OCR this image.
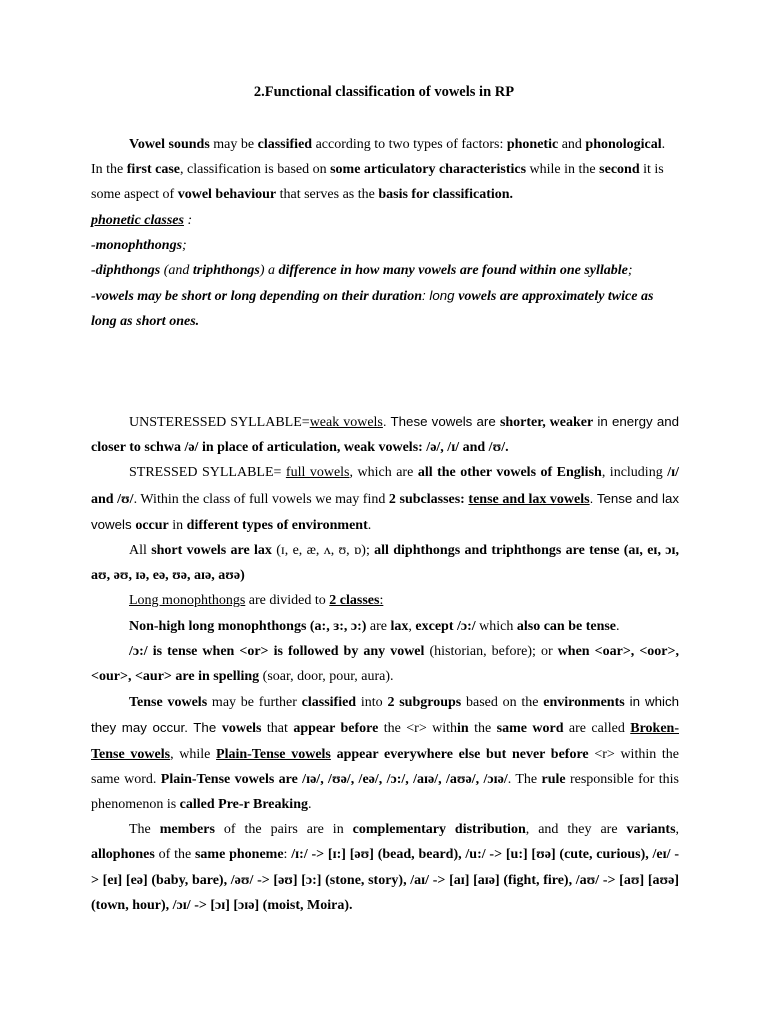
2.Functional classification of vowels in RP

Vowel sounds may be classified according to two types of factors: phonetic and phonological. In the first case, classification is based on some articulatory characteristics while in the second it is some aspect of vowel behaviour that serves as the basis for classification.

phonetic classes :

-monophthongs;

-diphthongs (and triphthongs) a difference in how many vowels are found within one syllable;

-vowels may be short or long depending on their duration: long vowels are approximately twice as long as short ones.

UNSTERESSED SYLLABLE=weak vowels. These vowels are shorter, weaker in energy and closer to schwa /ə/ in place of articulation, weak vowels: /ə/, /ɪ/ and /ʊ/.

STRESSED SYLLABLE= full vowels, which are all the other vowels of English, including /ɪ/ and /ʊ/. Within the class of full vowels we may find 2 subclasses: tense and lax vowels. Tense and lax vowels occur in different types of environment.

All short vowels are lax (ɪ, e, æ, ʌ, ʊ, ɒ); all diphthongs and triphthongs are tense (aɪ, eɪ, ɔɪ, aʊ, əʊ, ɪə, eə, ʊə, aɪə, aʊə)

Long monophthongs are divided to 2 classes:

Non-high long monophthongs (a:, ɜ:, ɔ:) are lax, except /ɔ:/ which also can be tense.

/ɔ:/ is tense when <or> is followed by any vowel (historian, before); or when <oar>, <oor>, <our>, <aur> are in spelling (soar, door, pour, aura).

Tense vowels may be further classified into 2 subgroups based on the environments in which they may occur. The vowels that appear before the <r> within the same word are called Broken-Tense vowels, while Plain-Tense vowels appear everywhere else but never before <r> within the same word. Plain-Tense vowels are /ɪə/, /ʊə/, /eə/, /ɔ:/, /aɪə/, /aʊə/, /ɔɪə/. The rule responsible for this phenomenon is called Pre-r Breaking.

The members of the pairs are in complementary distribution, and they are variants, allophones of the same phoneme: /ɪ:/ -> [ɪ:] [əʊ] (bead, beard), /u:/ -> [u:] [ʊə] (cute, curious), /eɪ/ -> [eɪ] [eə] (baby, bare), /əʊ/ -> [əʊ] [ɔ:] (stone, story), /aɪ/ -> [aɪ] [aɪə] (fight, fire), /aʊ/ -> [aʊ] [aʊə] (town, hour), /ɔɪ/ -> [ɔɪ] [ɔɪə] (moist, Moira).
